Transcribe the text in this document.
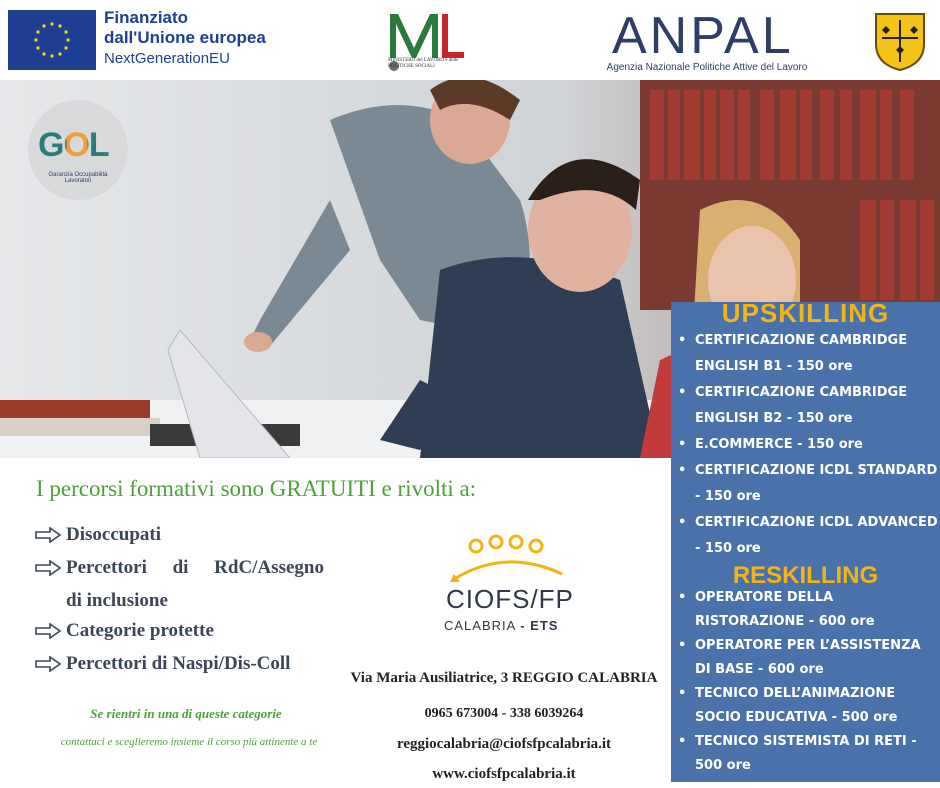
Finanziato
dall'Unione europea
NextGenerationEU	MINISTERO del LAVORO e delle POLITICHE SOCIALI
ANPAL
Agenzia Nazionale Politiche Attive del Lavoro
GOL
Garanzia Occupabilità Lavoratori
UPSKILLING
• CERTIFICAZIONE CAMBRIDGE ENGLISH B1 - 150 ore
• CERTIFICAZIONE CAMBRIDGE ENGLISH B2 - 150 ore
• E.COMMERCE - 150 ore
• CERTIFICAZIONE ICDL STANDARD - 150 ore
• CERTIFICAZIONE ICDL ADVANCED - 150 ore
RESKILLING
• OPERATORE DELLA RISTORAZIONE - 600 ore
• OPERATORE PER L’ASSISTENZA DI BASE - 600 ore
• TECNICO DELL’ANIMAZIONE SOCIO EDUCATIVA - 500 ore
• TECNICO SISTEMISTA DI RETI - 500 ore
I percorsi formativi sono GRATUITI e rivolti a:
Disoccupati
Percettori di RdC/Assegno
di inclusione
Categorie protette
Percettori di Naspi/Dis-Coll
Se rientri in una di queste categorie
contattaci e sceglieremo insieme il corso più attinente a te
CIOFS/FP
CALABRIA - ETS
Via Maria Ausiliatrice, 3 REGGIO CALABRIA
0965 673004 - 338 6039264
reggiocalabria@ciofsfpcalabria.it
www.ciofsfpcalabria.it
